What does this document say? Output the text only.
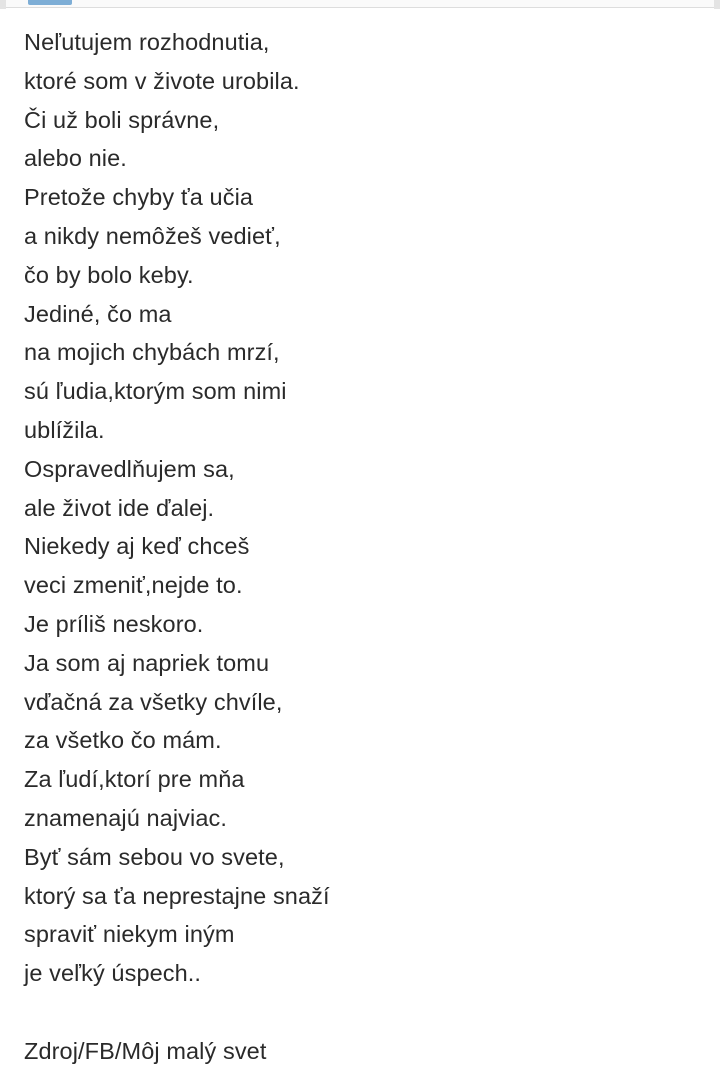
Neľutujem rozhodnutia,
ktoré som v živote urobila.
Či už boli správne,
alebo nie.
Pretože chyby ťa učia
a nikdy nemôžeš vedieť,
čo by bolo keby.
Jediné, čo ma
na mojich chybách mrzí,
sú ľudia,ktorým som nimi
ublížila.
Ospravedlňujem sa,
ale život ide ďalej.
Niekedy aj keď chceš
veci zmeniť,nejde to.
Je príliš neskoro.
Ja som aj napriek tomu
vďačná za všetky chvíle,
za všetko čo mám.
Za ľudí,ktorí pre mňa
znamenajú najviac.
Byť sám sebou vo svete,
ktorý sa ťa neprestajne snaží
spraviť niekym iným
je veľký úspech..

Zdroj/FB/Môj malý svet
